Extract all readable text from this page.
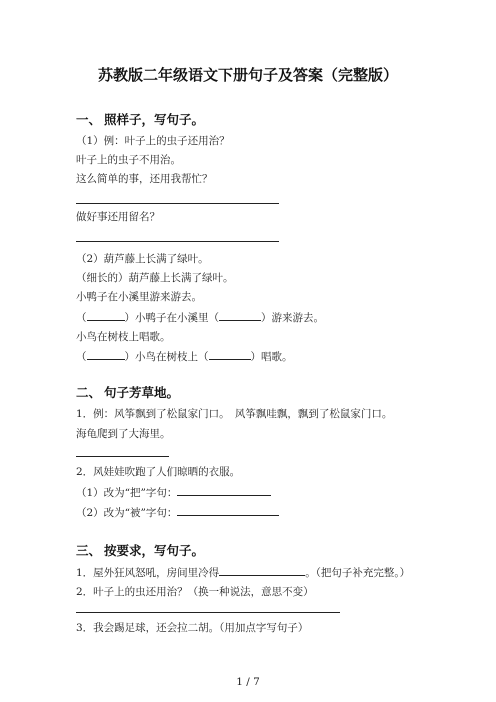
苏教版二年级语文下册句子及答案（完整版）
一、 照样子，写句子。
（1）例：叶子上的虫子还用治？
叶子上的虫子不用治。
这么简单的事，还用我帮忙？
做好事还用留名？
（2）葫芦藤上长满了绿叶。
（细长的）葫芦藤上长满了绿叶。
小鸭子在小溪里游来游去。
（	）小鸭子在小溪里（	）游来游去。
小鸟在树枝上唱歌。
（	）小鸟在树枝上（	）唱歌。
二、 句子芳草地。
1．例：风筝飘到了松鼠家门口。　风筝飘哇飘，飘到了松鼠家门口。
海龟爬到了大海里。
2．风娃娃吹跑了人们晾晒的衣服。
（1）改为“把”字句：
（2）改为“被”字句：
三、 按要求，写句子。
1．屋外狂风怒吼，房间里冷得	。（把句子补充完整。）
2．叶子上的虫还用治？（换一种说法，意思不变）
3．我会踢足球，还会拉二胡。（用加点字写句子）
1 / 7
